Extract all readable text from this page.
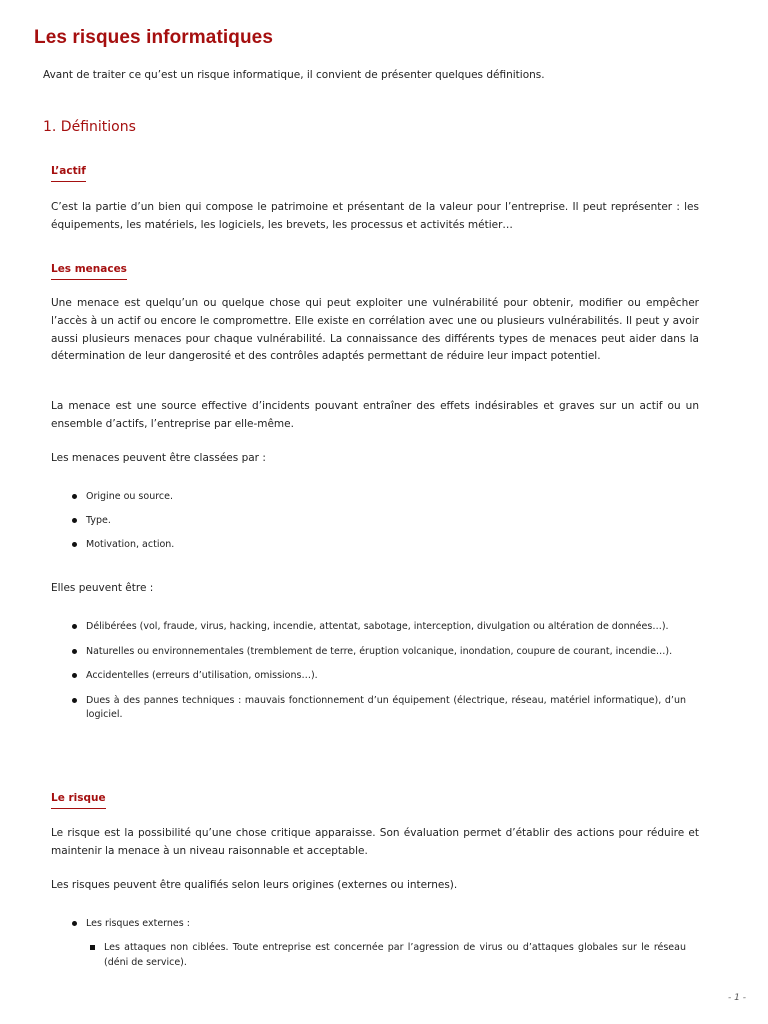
Les risques informatiques

Avant de traiter ce qu’est un risque informatique, il convient de présenter quelques définitions.

1. Définitions
L’actif

C’est la partie d’un bien qui compose le patrimoine et présentant de la valeur pour l’entreprise. Il peut représenter : les équipements, les matériels, les logiciels, les brevets, les processus et activités métier…

Les menaces

Une menace est quelqu’un ou quelque chose qui peut exploiter une vulnérabilité pour obtenir, modifier ou empêcher l’accès à un actif ou encore le compromettre. Elle existe en corrélation avec une ou plusieurs vulnérabilités. Il peut y avoir aussi plusieurs menaces pour chaque vulnérabilité. La connaissance des différents types de menaces peut aider dans la détermination de leur dangerosité et des contrôles adaptés permettant de réduire leur impact potentiel.

La menace est une source effective d’incidents pouvant entraîner des effets indésirables et graves sur un actif ou un ensemble d’actifs, l’entreprise par elle-même.

Les menaces peuvent être classées par :

Origine ou source.
Type.
Motivation, action.

Elles peuvent être :

Délibérées (vol, fraude, virus, hacking, incendie, attentat, sabotage, interception, divulgation ou altération de données…).
Naturelles ou environnementales (tremblement de terre, éruption volcanique, inondation, coupure de courant, incendie…).
Accidentelles (erreurs d’utilisation, omissions…).
Dues à des pannes techniques : mauvais fonctionnement d’un équipement (électrique, réseau, matériel informatique), d’un logiciel.
Le risque

Le risque est la possibilité qu’une chose critique apparaisse. Son évaluation permet d’établir des actions pour réduire et maintenir la menace à un niveau raisonnable et acceptable.

Les risques peuvent être qualifiés selon leurs origines (externes ou internes).

Les risques externes :
Les attaques non ciblées. Toute entreprise est concernée par l’agression de virus ou d’attaques globales sur le réseau (déni de service).

- 1 -
